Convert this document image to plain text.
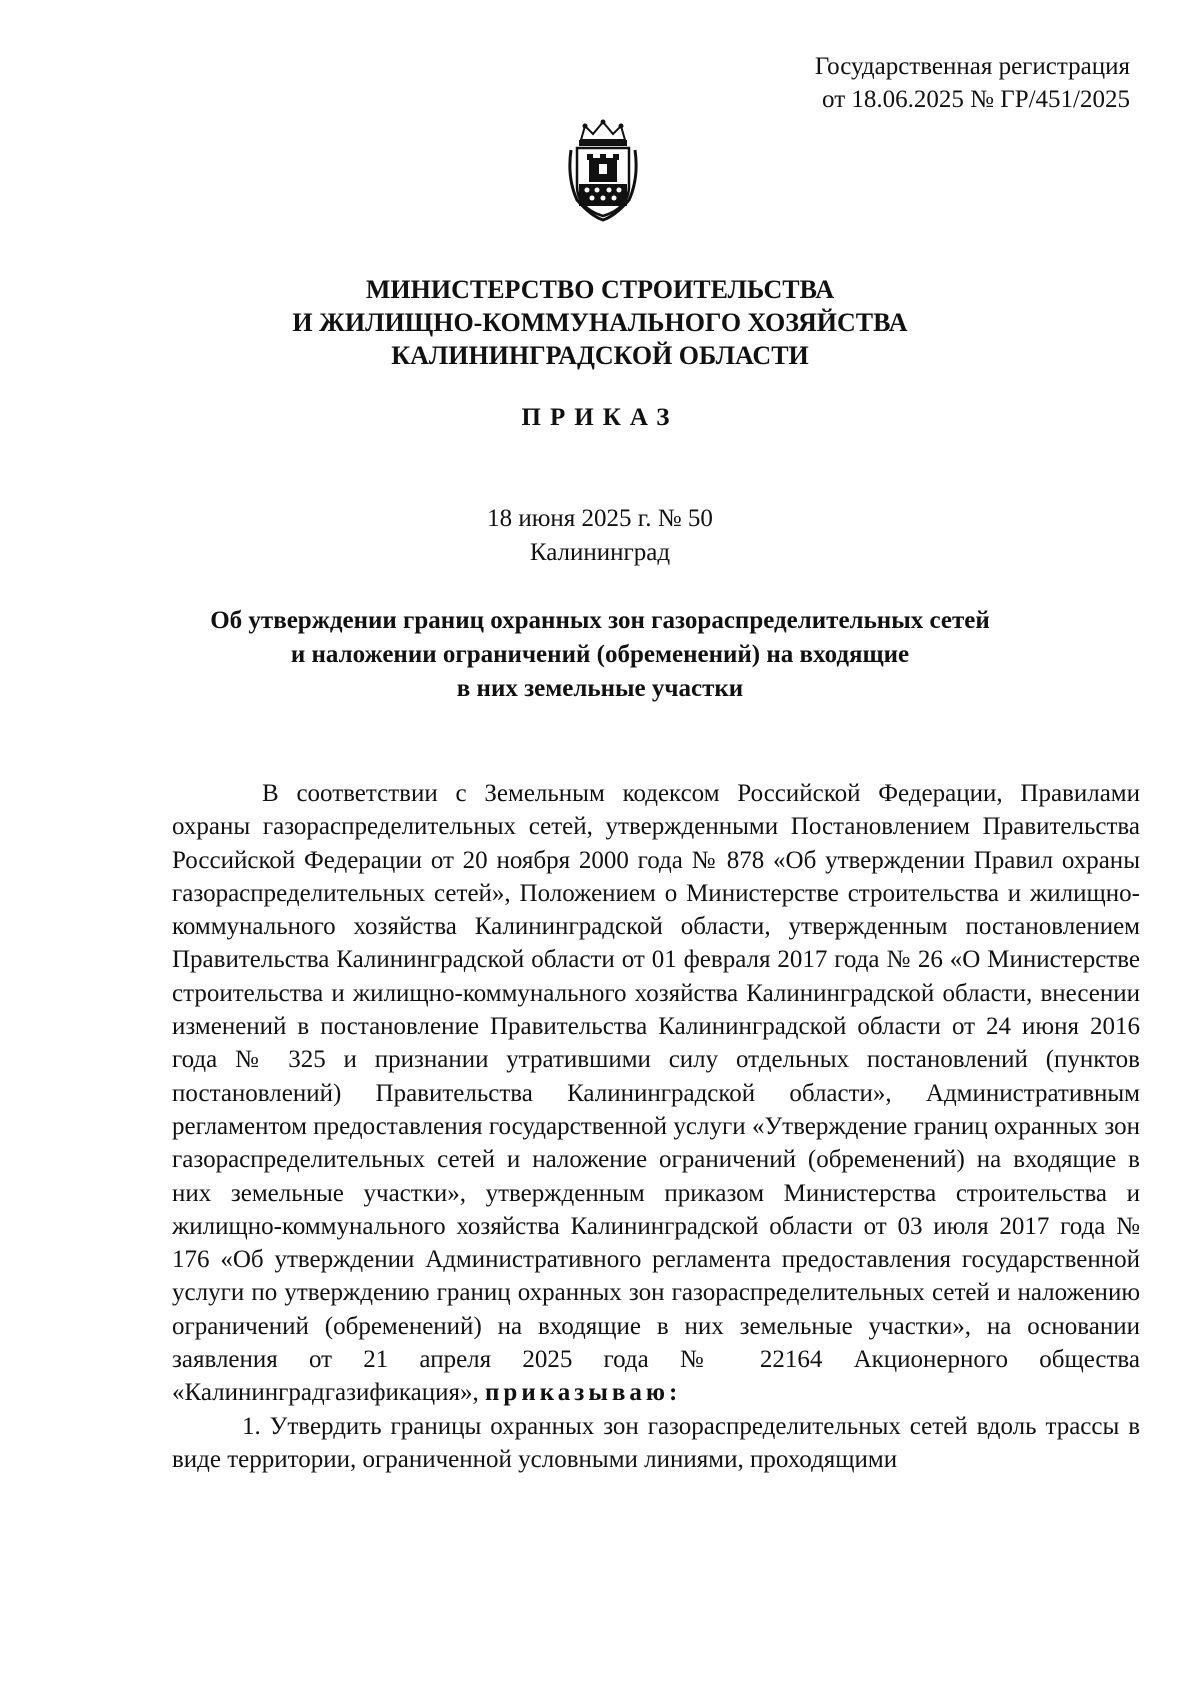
Государственная регистрация
от 18.06.2025 № ГР/451/2025
МИНИСТЕРСТВО СТРОИТЕЛЬСТВА
И ЖИЛИЩНО-КОММУНАЛЬНОГО ХОЗЯЙСТВА
КАЛИНИНГРАДСКОЙ ОБЛАСТИ
ПРИКАЗ
18 июня 2025 г. № 50
Калининград
Об утверждении границ охранных зон газораспределительных сетей
и наложении ограничений (обременений) на входящие
в них земельные участки

В соответствии с Земельным кодексом Российской Федерации, Правилами охраны газораспределительных сетей, утвержденными Постановлением Правительства Российской Федерации от 20 ноября 2000 года № 878 «Об утверждении Правил охраны газораспределительных сетей», Положением о Министерстве строительства и жилищно-коммунального хозяйства Калининградской области, утвержденным постановлением Правительства Калининградской области от 01 февраля 2017 года № 26 «О Министерстве строительства и жилищно-коммунального хозяйства Калининградской области, внесении изменений в постановление Правительства Калининградской области от 24 июня 2016 года № 325 и признании утратившими силу отдельных постановлений (пунктов постановлений) Правительства Калининградской области», Административным регламентом предоставления государственной услуги «Утверждение границ охранных зон газораспределительных сетей и наложение ограничений (обременений) на входящие в них земельные участки», утвержденным приказом Министерства строительства и жилищно-коммунального хозяйства Калининградской области от 03 июля 2017 года № 176 «Об утверждении Административного регламента предоставления государственной услуги по утверждению границ охранных зон газораспределительных сетей и наложению ограничений (обременений) на входящие в них земельные участки», на основании заявления от 21 апреля 2025 года № 22164 Акционерного общества «Калининградгазификация», приказываю:

1. Утвердить границы охранных зон газораспределительных сетей вдоль трассы в виде территории, ограниченной условными линиями, проходящими
